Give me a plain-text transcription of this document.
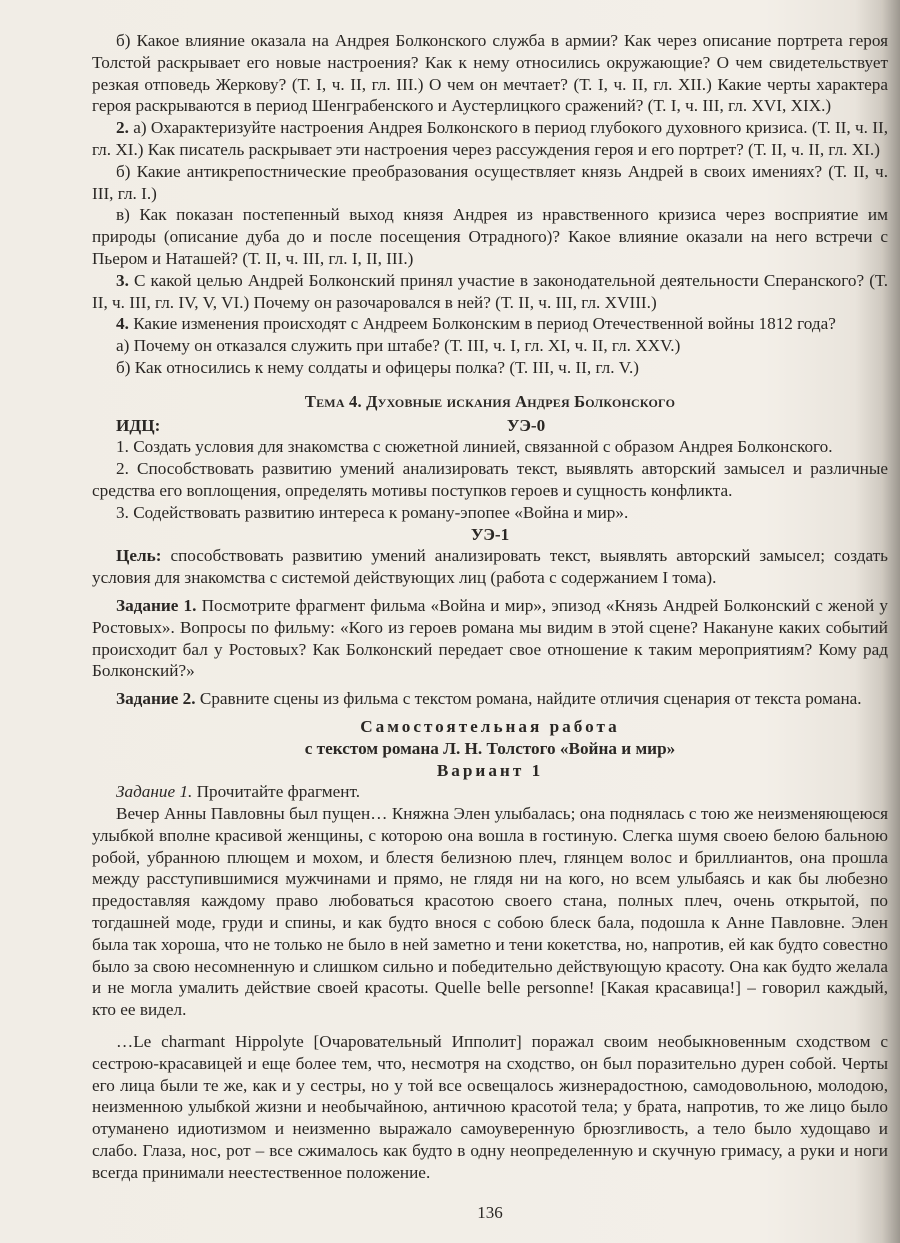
б) Какое влияние оказала на Андрея Болконского служба в армии? Как через описание портрета героя Толстой раскрывает его новые настроения? Как к нему относились окружающие? О чем свидетельствует резкая отповедь Жеркову? (Т. I, ч. II, гл. III.) О чем он мечтает? (Т. I, ч. II, гл. XII.) Какие черты характера героя раскрываются в период Шенграбенского и Аустерлицкого сражений? (Т. I, ч. III, гл. XVI, XIX.)

2. а) Охарактеризуйте настроения Андрея Болконского в период глубокого духовного кризиса. (Т. II, ч. II, гл. XI.) Как писатель раскрывает эти настроения через рассуждения героя и его портрет? (Т. II, ч. II, гл. XI.)

б) Какие антикрепостнические преобразования осуществляет князь Андрей в своих имениях? (Т. II, ч. III, гл. I.)

в) Как показан постепенный выход князя Андрея из нравственного кризиса через восприятие им природы (описание дуба до и после посещения Отрадного)? Какое влияние оказали на него встречи с Пьером и Наташей? (Т. II, ч. III, гл. I, II, III.)

3. С какой целью Андрей Болконский принял участие в законодательной деятельности Сперанского? (Т. II, ч. III, гл. IV, V, VI.) Почему он разочаровался в ней? (Т. II, ч. III, гл. XVIII.)

4. Какие изменения происходят с Андреем Болконским в период Отечественной войны 1812 года?

а) Почему он отказался служить при штабе? (Т. III, ч. I, гл. XI, ч. II, гл. XXV.)

б) Как относились к нему солдаты и офицеры полка? (Т. III, ч. II, гл. V.)

Тема 4. Духовные искания Андрея Болконского
ИДЦ:	УЭ-0

1. Создать условия для знакомства с сюжетной линией, связанной с образом Андрея Болконского.

2. Способствовать развитию умений анализировать текст, выявлять авторский замысел и различные средства его воплощения, определять мотивы поступков героев и сущность конфликта.

3. Содействовать развитию интереса к роману-эпопее «Война и мир».

УЭ-1

Цель: способствовать развитию умений анализировать текст, выявлять авторский замысел; создать условия для знакомства с системой действующих лиц (работа с содержанием I тома).

Задание 1. Посмотрите фрагмент фильма «Война и мир», эпизод «Князь Андрей Болконский с женой у Ростовых». Вопросы по фильму: «Кого из героев романа мы видим в этой сцене? Накануне каких событий происходит бал у Ростовых? Как Болконский передает свое отношение к таким мероприятиям? Кому рад Болконский?»

Задание 2. Сравните сцены из фильма с текстом романа, найдите отличия сценария от текста романа.

Самостоятельная работа
с текстом романа Л. Н. Толстого «Война и мир»
Вариант 1

Задание 1. Прочитайте фрагмент.

Вечер Анны Павловны был пущен… Княжна Элен улыбалась; она поднялась с тою же неизменяющеюся улыбкой вполне красивой женщины, с которою она вошла в гостиную. Слегка шумя своею белою бальною робой, убранною плющем и мохом, и блестя белизною плеч, глянцем волос и бриллиантов, она прошла между расступившимися мужчинами и прямо, не глядя ни на кого, но всем улыбаясь и как бы любезно предоставляя каждому право любоваться красотою своего стана, полных плеч, очень открытой, по тогдашней моде, груди и спины, и как будто внося с собою блеск бала, подошла к Анне Павловне. Элен была так хороша, что не только не было в ней заметно и тени кокетства, но, напротив, ей как будто совестно было за свою несомненную и слишком сильно и победительно действующую красоту. Она как будто желала и не могла умалить действие своей красоты. Quelle belle personne! [Какая красавица!] – говорил каждый, кто ее видел.

…Le charmant Hippolyte [Очаровательный Ипполит] поражал своим необыкновенным сходством с сестрою-красавицей и еще более тем, что, несмотря на сходство, он был поразительно дурен собой. Черты его лица были те же, как и у сестры, но у той все освещалось жизнерадостною, самодовольною, молодою, неизменною улыбкой жизни и необычайною, античною красотой тела; у брата, напротив, то же лицо было отуманено идиотизмом и неизменно выражало самоуверенную брюзгливость, а тело было худощаво и слабо. Глаза, нос, рот – все сжималось как будто в одну неопределенную и скучную гримасу, а руки и ноги всегда принимали неестественное положение.

136
